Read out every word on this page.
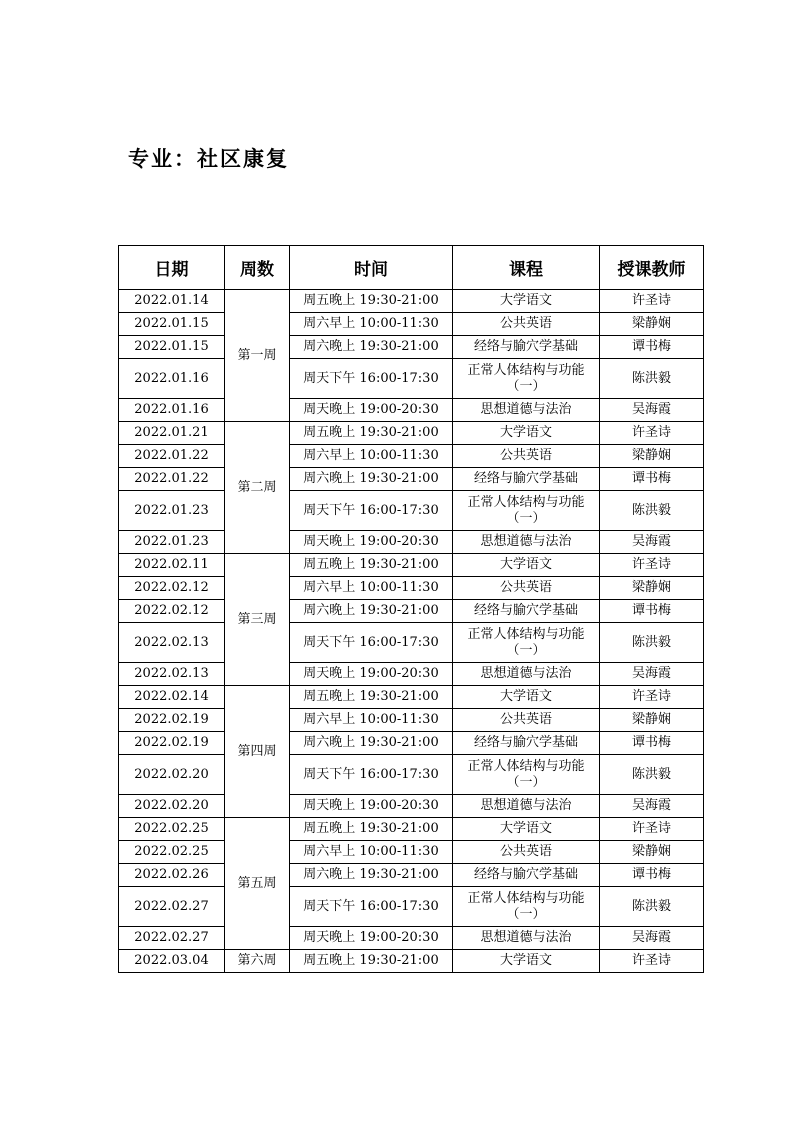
专业：社区康复
日期	周数	时间	课程	授课教师
2022.01.14	第一周	周五晚上 19:30-21:00	大学语文	许圣诗
2022.01.15		周六早上 10:00-11:30	公共英语	梁静娴
2022.01.15		周六晚上 19:30-21:00	经络与腧穴学基础	谭书梅
2022.01.16		周天下午 16:00-17:30	正常人体结构与功能（一）	陈洪毅
2022.01.16		周天晚上 19:00-20:30	思想道德与法治	吴海霞
2022.01.21	第二周	周五晚上 19:30-21:00	大学语文	许圣诗
2022.01.22		周六早上 10:00-11:30	公共英语	梁静娴
2022.01.22		周六晚上 19:30-21:00	经络与腧穴学基础	谭书梅
2022.01.23		周天下午 16:00-17:30	正常人体结构与功能（一）	陈洪毅
2022.01.23		周天晚上 19:00-20:30	思想道德与法治	吴海霞
2022.02.11	第三周	周五晚上 19:30-21:00	大学语文	许圣诗
2022.02.12		周六早上 10:00-11:30	公共英语	梁静娴
2022.02.12		周六晚上 19:30-21:00	经络与腧穴学基础	谭书梅
2022.02.13		周天下午 16:00-17:30	正常人体结构与功能（一）	陈洪毅
2022.02.13		周天晚上 19:00-20:30	思想道德与法治	吴海霞
2022.02.14	第四周	周五晚上 19:30-21:00	大学语文	许圣诗
2022.02.19		周六早上 10:00-11:30	公共英语	梁静娴
2022.02.19		周六晚上 19:30-21:00	经络与腧穴学基础	谭书梅
2022.02.20		周天下午 16:00-17:30	正常人体结构与功能（一）	陈洪毅
2022.02.20		周天晚上 19:00-20:30	思想道德与法治	吴海霞
2022.02.25	第五周	周五晚上 19:30-21:00	大学语文	许圣诗
2022.02.25		周六早上 10:00-11:30	公共英语	梁静娴
2022.02.26		周六晚上 19:30-21:00	经络与腧穴学基础	谭书梅
2022.02.27		周天下午 16:00-17:30	正常人体结构与功能（一）	陈洪毅
2022.02.27		周天晚上 19:00-20:30	思想道德与法治	吴海霞
2022.03.04	第六周	周五晚上 19:30-21:00	大学语文	许圣诗
